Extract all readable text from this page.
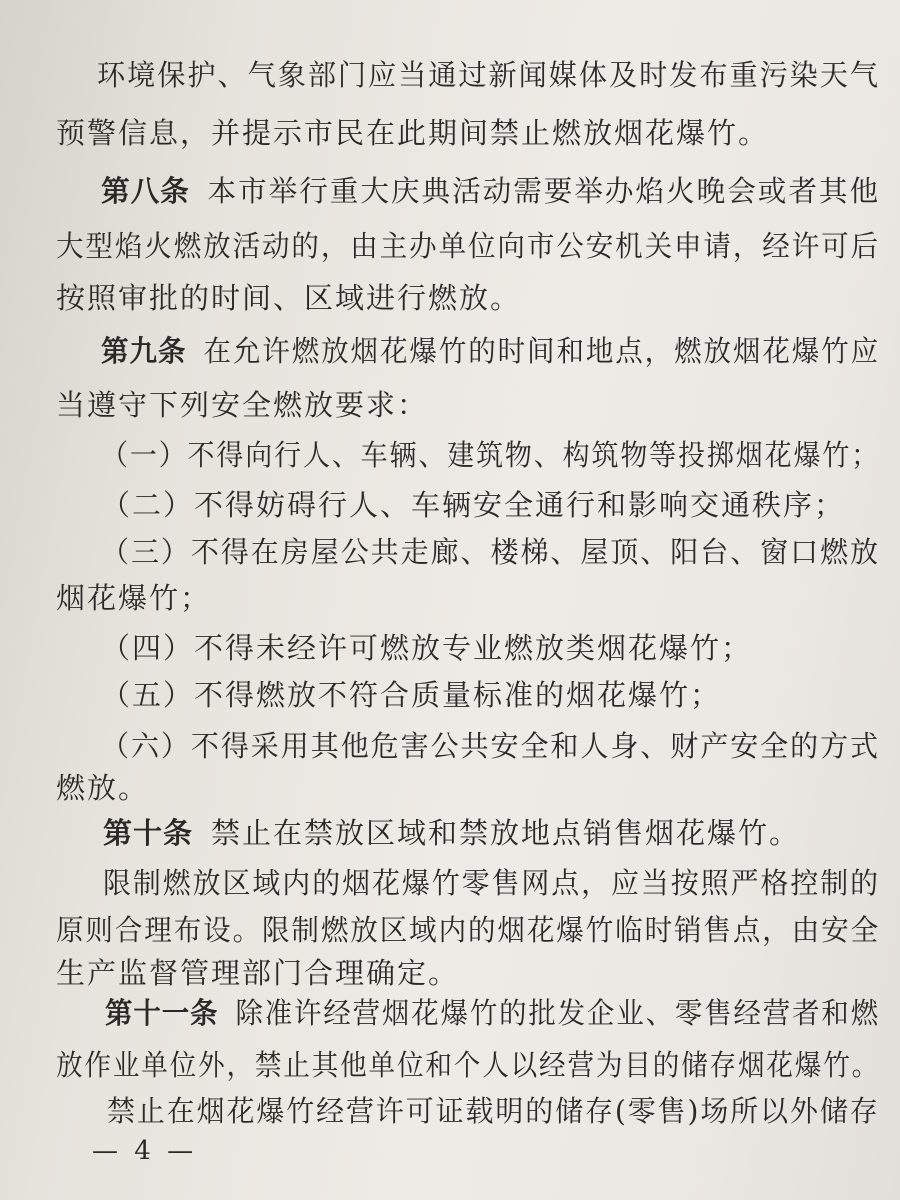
环境保护、气象部门应当通过新闻媒体及时发布重污染天气
预警信息，并提示市民在此期间禁止燃放烟花爆竹。
第八条 本市举行重大庆典活动需要举办焰火晚会或者其他
大型焰火燃放活动的，由主办单位向市公安机关申请，经许可后
按照审批的时间、区域进行燃放。
第九条 在允许燃放烟花爆竹的时间和地点，燃放烟花爆竹应
当遵守下列安全燃放要求：
（一）不得向行人、车辆、建筑物、构筑物等投掷烟花爆竹；
（二）不得妨碍行人、车辆安全通行和影响交通秩序；
（三）不得在房屋公共走廊、楼梯、屋顶、阳台、窗口燃放
烟花爆竹；
（四）不得未经许可燃放专业燃放类烟花爆竹；
（五）不得燃放不符合质量标准的烟花爆竹；
（六）不得采用其他危害公共安全和人身、财产安全的方式
燃放。
第十条 禁止在禁放区域和禁放地点销售烟花爆竹。
限制燃放区域内的烟花爆竹零售网点，应当按照严格控制的
原则合理布设。限制燃放区域内的烟花爆竹临时销售点，由安全
生产监督管理部门合理确定。
第十一条 除准许经营烟花爆竹的批发企业、零售经营者和燃
放作业单位外，禁止其他单位和个人以经营为目的储存烟花爆竹。
禁止在烟花爆竹经营许可证载明的储存(零售)场所以外储存
— 4 —
